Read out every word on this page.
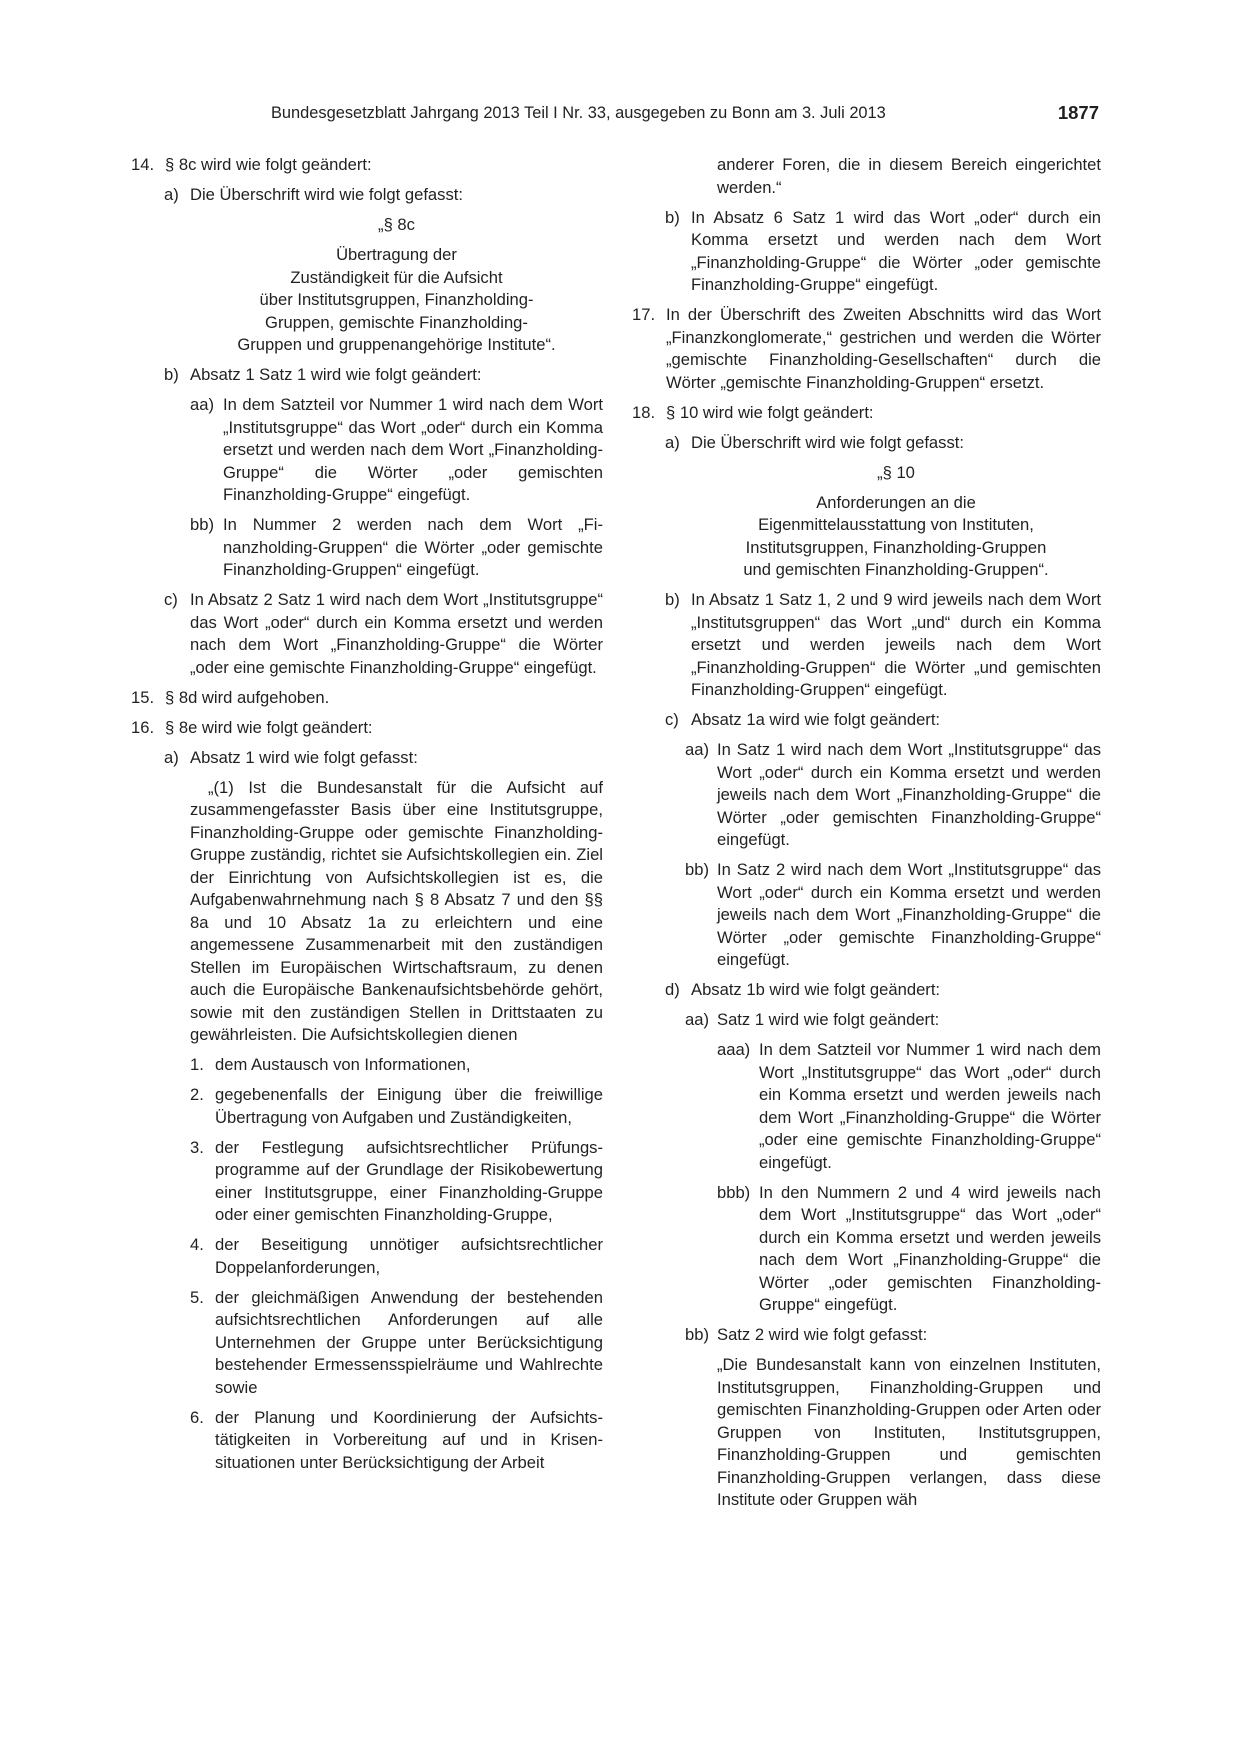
Bundesgesetzblatt Jahrgang 2013 Teil I Nr. 33, ausgegeben zu Bonn am 3. Juli 2013	1877
14. § 8c wird wie folgt geändert:
a) Die Überschrift wird wie folgt gefasst:
„§ 8c
Übertragung der
Zuständigkeit für die Aufsicht
über Institutsgruppen, Finanzholding-
Gruppen, gemischte Finanzholding-
Gruppen und gruppenangehörige Institute“.
b) Absatz 1 Satz 1 wird wie folgt geändert:
aa) In dem Satzteil vor Nummer 1 wird nach dem Wort „Institutsgruppe“ das Wort „oder“ durch ein Komma ersetzt und werden nach dem Wort „Finanzholding-Gruppe“ die Wörter „oder gemischten Finanzholding-Gruppe“ eingefügt.
bb) In Nummer 2 werden nach dem Wort „Finanzholding-Gruppen“ die Wörter „oder gemischte Finanzholding-Gruppen“ eingefügt.
c) In Absatz 2 Satz 1 wird nach dem Wort „Institutsgruppe“ das Wort „oder“ durch ein Komma ersetzt und werden nach dem Wort „Finanzholding-Gruppe“ die Wörter „oder eine gemischte Finanzholding-Gruppe“ eingefügt.
15. § 8d wird aufgehoben.
16. § 8e wird wie folgt geändert:
a) Absatz 1 wird wie folgt gefasst:
„(1) Ist die Bundesanstalt für die Aufsicht auf zusammengefasster Basis über eine Institutsgruppe, Finanzholding-Gruppe oder gemischte Finanzholding-Gruppe zuständig, richtet sie Aufsichtskollegien ein. Ziel der Einrichtung von Aufsichtskollegien ist es, die Aufgabenwahrnehmung nach § 8 Absatz 7 und den §§ 8a und 10 Absatz 1a zu erleichtern und eine angemessene Zusammenarbeit mit den zuständigen Stellen im Europäischen Wirtschaftsraum, zu denen auch die Europäische Bankenaufsichtsbehörde gehört, sowie mit den zuständigen Stellen in Drittstaaten zu gewährleisten. Die Aufsichtskollegien dienen
1. dem Austausch von Informationen,
2. gegebenenfalls der Einigung über die freiwillige Übertragung von Aufgaben und Zuständigkeiten,
3. der Festlegung aufsichtsrechtlicher Prüfungsprogramme auf der Grundlage der Risikobewertung einer Institutsgruppe, einer Finanzholding-Gruppe oder einer gemischten Finanzholding-Gruppe,
4. der Beseitigung unnötiger aufsichtsrechtlicher Doppelanforderungen,
5. der gleichmäßigen Anwendung der bestehenden aufsichtsrechtlichen Anforderungen auf alle Unternehmen der Gruppe unter Berücksichtigung bestehender Ermessensspielräume und Wahlrechte sowie
6. der Planung und Koordinierung der Aufsichtstätigkeiten in Vorbereitung auf und in Krisensituationen unter Berücksichtigung der Arbeit
anderer Foren, die in diesem Bereich eingerichtet werden.“
b) In Absatz 6 Satz 1 wird das Wort „oder“ durch ein Komma ersetzt und werden nach dem Wort „Finanzholding-Gruppe“ die Wörter „oder gemischte Finanzholding-Gruppe“ eingefügt.
17. In der Überschrift des Zweiten Abschnitts wird das Wort „Finanzkonglomerate,“ gestrichen und werden die Wörter „gemischte Finanzholding-Gesellschaften“ durch die Wörter „gemischte Finanzholding-Gruppen“ ersetzt.
18. § 10 wird wie folgt geändert:
a) Die Überschrift wird wie folgt gefasst:
„§ 10
Anforderungen an die
Eigenmittelausstattung von Instituten,
Institutsgruppen, Finanzholding-Gruppen
und gemischten Finanzholding-Gruppen“.
b) In Absatz 1 Satz 1, 2 und 9 wird jeweils nach dem Wort „Institutsgruppen“ das Wort „und“ durch ein Komma ersetzt und werden jeweils nach dem Wort „Finanzholding-Gruppen“ die Wörter „und gemischten Finanzholding-Gruppen“ eingefügt.
c) Absatz 1a wird wie folgt geändert:
aa) In Satz 1 wird nach dem Wort „Institutsgruppe“ das Wort „oder“ durch ein Komma ersetzt und werden jeweils nach dem Wort „Finanzholding-Gruppe“ die Wörter „oder gemischten Finanzholding-Gruppe“ eingefügt.
bb) In Satz 2 wird nach dem Wort „Institutsgruppe“ das Wort „oder“ durch ein Komma ersetzt und werden jeweils nach dem Wort „Finanzholding-Gruppe“ die Wörter „oder gemischte Finanzholding-Gruppe“ eingefügt.
d) Absatz 1b wird wie folgt geändert:
aa) Satz 1 wird wie folgt geändert:
aaa) In dem Satzteil vor Nummer 1 wird nach dem Wort „Institutsgruppe“ das Wort „oder“ durch ein Komma ersetzt und werden jeweils nach dem Wort „Finanzholding-Gruppe“ die Wörter „oder eine gemischte Finanzholding-Gruppe“ eingefügt.
bbb) In den Nummern 2 und 4 wird jeweils nach dem Wort „Institutsgruppe“ das Wort „oder“ durch ein Komma ersetzt und werden jeweils nach dem Wort „Finanzholding-Gruppe“ die Wörter „oder gemischten Finanzholding-Gruppe“ eingefügt.
bb) Satz 2 wird wie folgt gefasst:
„Die Bundesanstalt kann von einzelnen Instituten, Institutsgruppen, Finanzholding-Gruppen und gemischten Finanzholding-Gruppen oder Arten oder Gruppen von Instituten, Institutsgruppen, Finanzholding-Gruppen und gemischten Finanzholding-Gruppen verlangen, dass diese Institute oder Gruppen wäh
